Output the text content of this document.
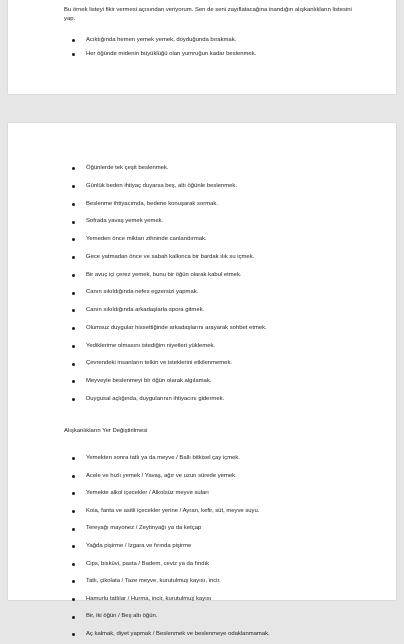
Bu örnek listeyi fikir vermesi açısından veriyorum. Sen de seni zayıflatacağına inandığın alışkanlıkların listesini yap.
Acıktığında hemen yemek yemek, doyduğunda bırakmak.
Her öğünde midenin büyüklüğü olan yumruğun kadar beslenmek.
Öğünlerde tek çeşit beslenmek.
Günlük beden ihtiyaç duyarsa beş, altı öğünle beslenmek.
Beslenme ihtiyacımda, bedene konuşarak sormak.
Sofrada yavaş yemek yemek.
Yemeden önce miktarı zihninde canlandırmak.
Gece yatmadan önce ve sabah kalkınca bir bardak ılık su içmek.
Bir avuç içi çerez yemek, bunu bir öğün olarak kabul etmek.
Canın sıkıldığında nefes egzersizi yapmak.
Canın sıkıldığında arkadaşlarla spora gitmek.
Olumsuz duygular hissettiğinde arkadaşlarını arayarak sohbet etmek.
Yediklerime olmasını istediğim niyetleri yüklemek.
Çevrendeki insanların telkin ve isteklerini etkilenmemek.
Meyveyle beslenmeyi bir öğün olarak algılamak.
Duygusal açlığında, duygularının ihtiyacını gidermek.
Alışkanlıkların Yer Değiştirilmesi
Yemekten sonra tatlı ya da meyve / Ballı bitkisel çay içmek.
Acele ve hızlı yemek / Yavaş, ağır ve uzun sürede yemek.
Yemekte alkol içecekler / Alkolsüz meyve suları
Kola, fanta ve asitli içecekler yerine / Ayran, kefir, süt, meyve suyu.
Tereyağı mayonez / Zeytinyağı ya da ketçap
Yağda pişirme / Izgara ve fırında pişirme
Cips, bisküvi, pasta / Badem, ceviz ya da fındık
Tatlı, çikolata / Taze meyve, kurutulmuş kayısı, incir.
Hamurlu tatlılar / Hurma, incir, kurutulmuş kayısı
Bir, iki öğün / Beş altı öğün.
Aç kalmak, diyet yapmak / Beslenmek ve beslenmeye odaklanmamak.
